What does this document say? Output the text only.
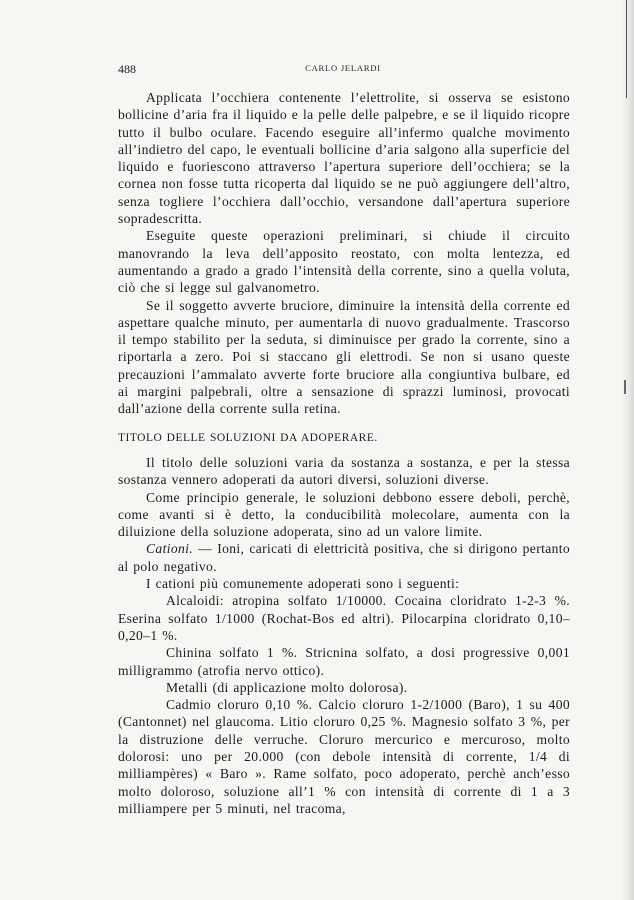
488	CARLO JELARDI

Applicata l’occhiera contenente l’elettrolite, si osserva se esistono bollicine d’aria fra il liquido e la pelle delle palpebre, e se il liquido ricopre tutto il bulbo oculare. Facendo eseguire all’infermo qualche movimento all’indietro del capo, le eventuali bollicine d’aria salgono alla superficie del liquido e fuoriescono attraverso l’apertura superiore dell’occhiera; se la cornea non fosse tutta ricoperta dal liquido se ne può aggiungere dell’altro, senza togliere l’occhiera dall’occhio, versandone dall’apertura superiore sopradescritta.

Eseguite queste operazioni preliminari, si chiude il circuito manovrando la leva dell’apposito reostato, con molta lentezza, ed aumentando a grado a grado l’intensità della corrente, sino a quella voluta, ciò che si legge sul galvanometro.

Se il soggetto avverte bruciore, diminuire la intensità della corrente ed aspettare qualche minuto, per aumentarla di nuovo gradualmente. Trascorso il tempo stabilito per la seduta, si diminuisce per grado la corrente, sino a riportarla a zero. Poi si staccano gli elettrodi. Se non si usano queste precauzioni l’ammalato avverte forte bruciore alla congiuntiva bulbare, ed ai margini palpebrali, oltre a sensazione di sprazzi luminosi, provocati dall’azione della corrente sulla retina.

TITOLO DELLE SOLUZIONI DA ADOPERARE.

Il titolo delle soluzioni varia da sostanza a sostanza, e per la stessa sostanza vennero adoperati da autori diversi, soluzioni diverse.

Come principio generale, le soluzioni debbono essere deboli, perchè, come avanti si è detto, la conducibilità molecolare, aumenta con la diluizione della soluzione adoperata, sino ad un valore limite.

Cationi. — Ioni, caricati di elettricità positiva, che si dirigono pertanto al polo negativo.

I cationi più comunemente adoperati sono i seguenti:

Alcaloidi: atropina solfato 1/10000. Cocaina cloridrato 1-2-3 %. Eserina solfato 1/1000 (Rochat-Bos ed altri). Pilocarpina cloridrato 0,10–0,20–1 %.

Chinina solfato 1 %. Stricnina solfato, a dosi progressive 0,001 milligrammo (atrofia nervo ottico).

Metalli (di applicazione molto dolorosa).

Cadmio cloruro 0,10 %. Calcio cloruro 1-2/1000 (Baro), 1 su 400 (Cantonnet) nel glaucoma. Litio cloruro 0,25 %. Magnesio solfato 3 %, per la distruzione delle verruche. Cloruro mercurico e mercuroso, molto dolorosi: uno per 20.000 (con debole intensità di corrente, 1/4 di milliampères) « Baro ». Rame solfato, poco adoperato, perchè anch’esso molto doloroso, soluzione all’1 % con intensità di corrente di 1 a 3 milliampere per 5 minuti, nel tracoma,
